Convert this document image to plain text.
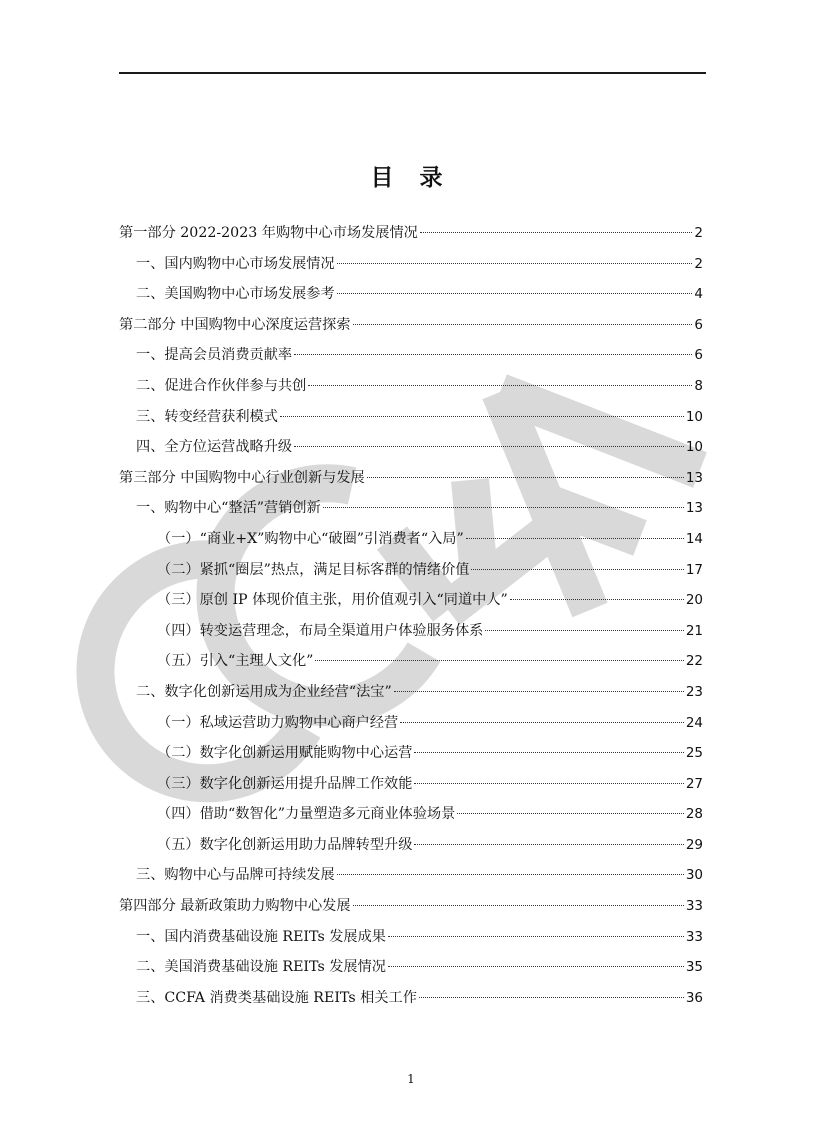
目 录
第一部分 2022-2023 年购物中心市场发展情况	2
一、国内购物中心市场发展情况	2
二、美国购物中心市场发展参考	4
第二部分 中国购物中心深度运营探索	6
一、提高会员消费贡献率	6
二、促进合作伙伴参与共创	8
三、转变经营获利模式	10
四、全方位运营战略升级	10
第三部分 中国购物中心行业创新与发展	13
一、购物中心“整活”营销创新	13
（一）“商业+X”购物中心“破圈”引消费者“入局”	14
（二）紧抓“圈层”热点，满足目标客群的情绪价值	17
（三）原创 IP 体现价值主张，用价值观引入“同道中人”	20
（四）转变运营理念，布局全渠道用户体验服务体系	21
（五）引入“主理人文化”	22
二、数字化创新运用成为企业经营“法宝”	23
（一）私域运营助力购物中心商户经营	24
（二）数字化创新运用赋能购物中心运营	25
（三）数字化创新运用提升品牌工作效能	27
（四）借助“数智化”力量塑造多元商业体验场景	28
（五）数字化创新运用助力品牌转型升级	29
三、购物中心与品牌可持续发展	30
第四部分 最新政策助力购物中心发展	33
一、国内消费基础设施 REITs 发展成果	33
二、美国消费基础设施 REITs 发展情况	35
三、CCFA 消费类基础设施 REITs 相关工作	36
1
